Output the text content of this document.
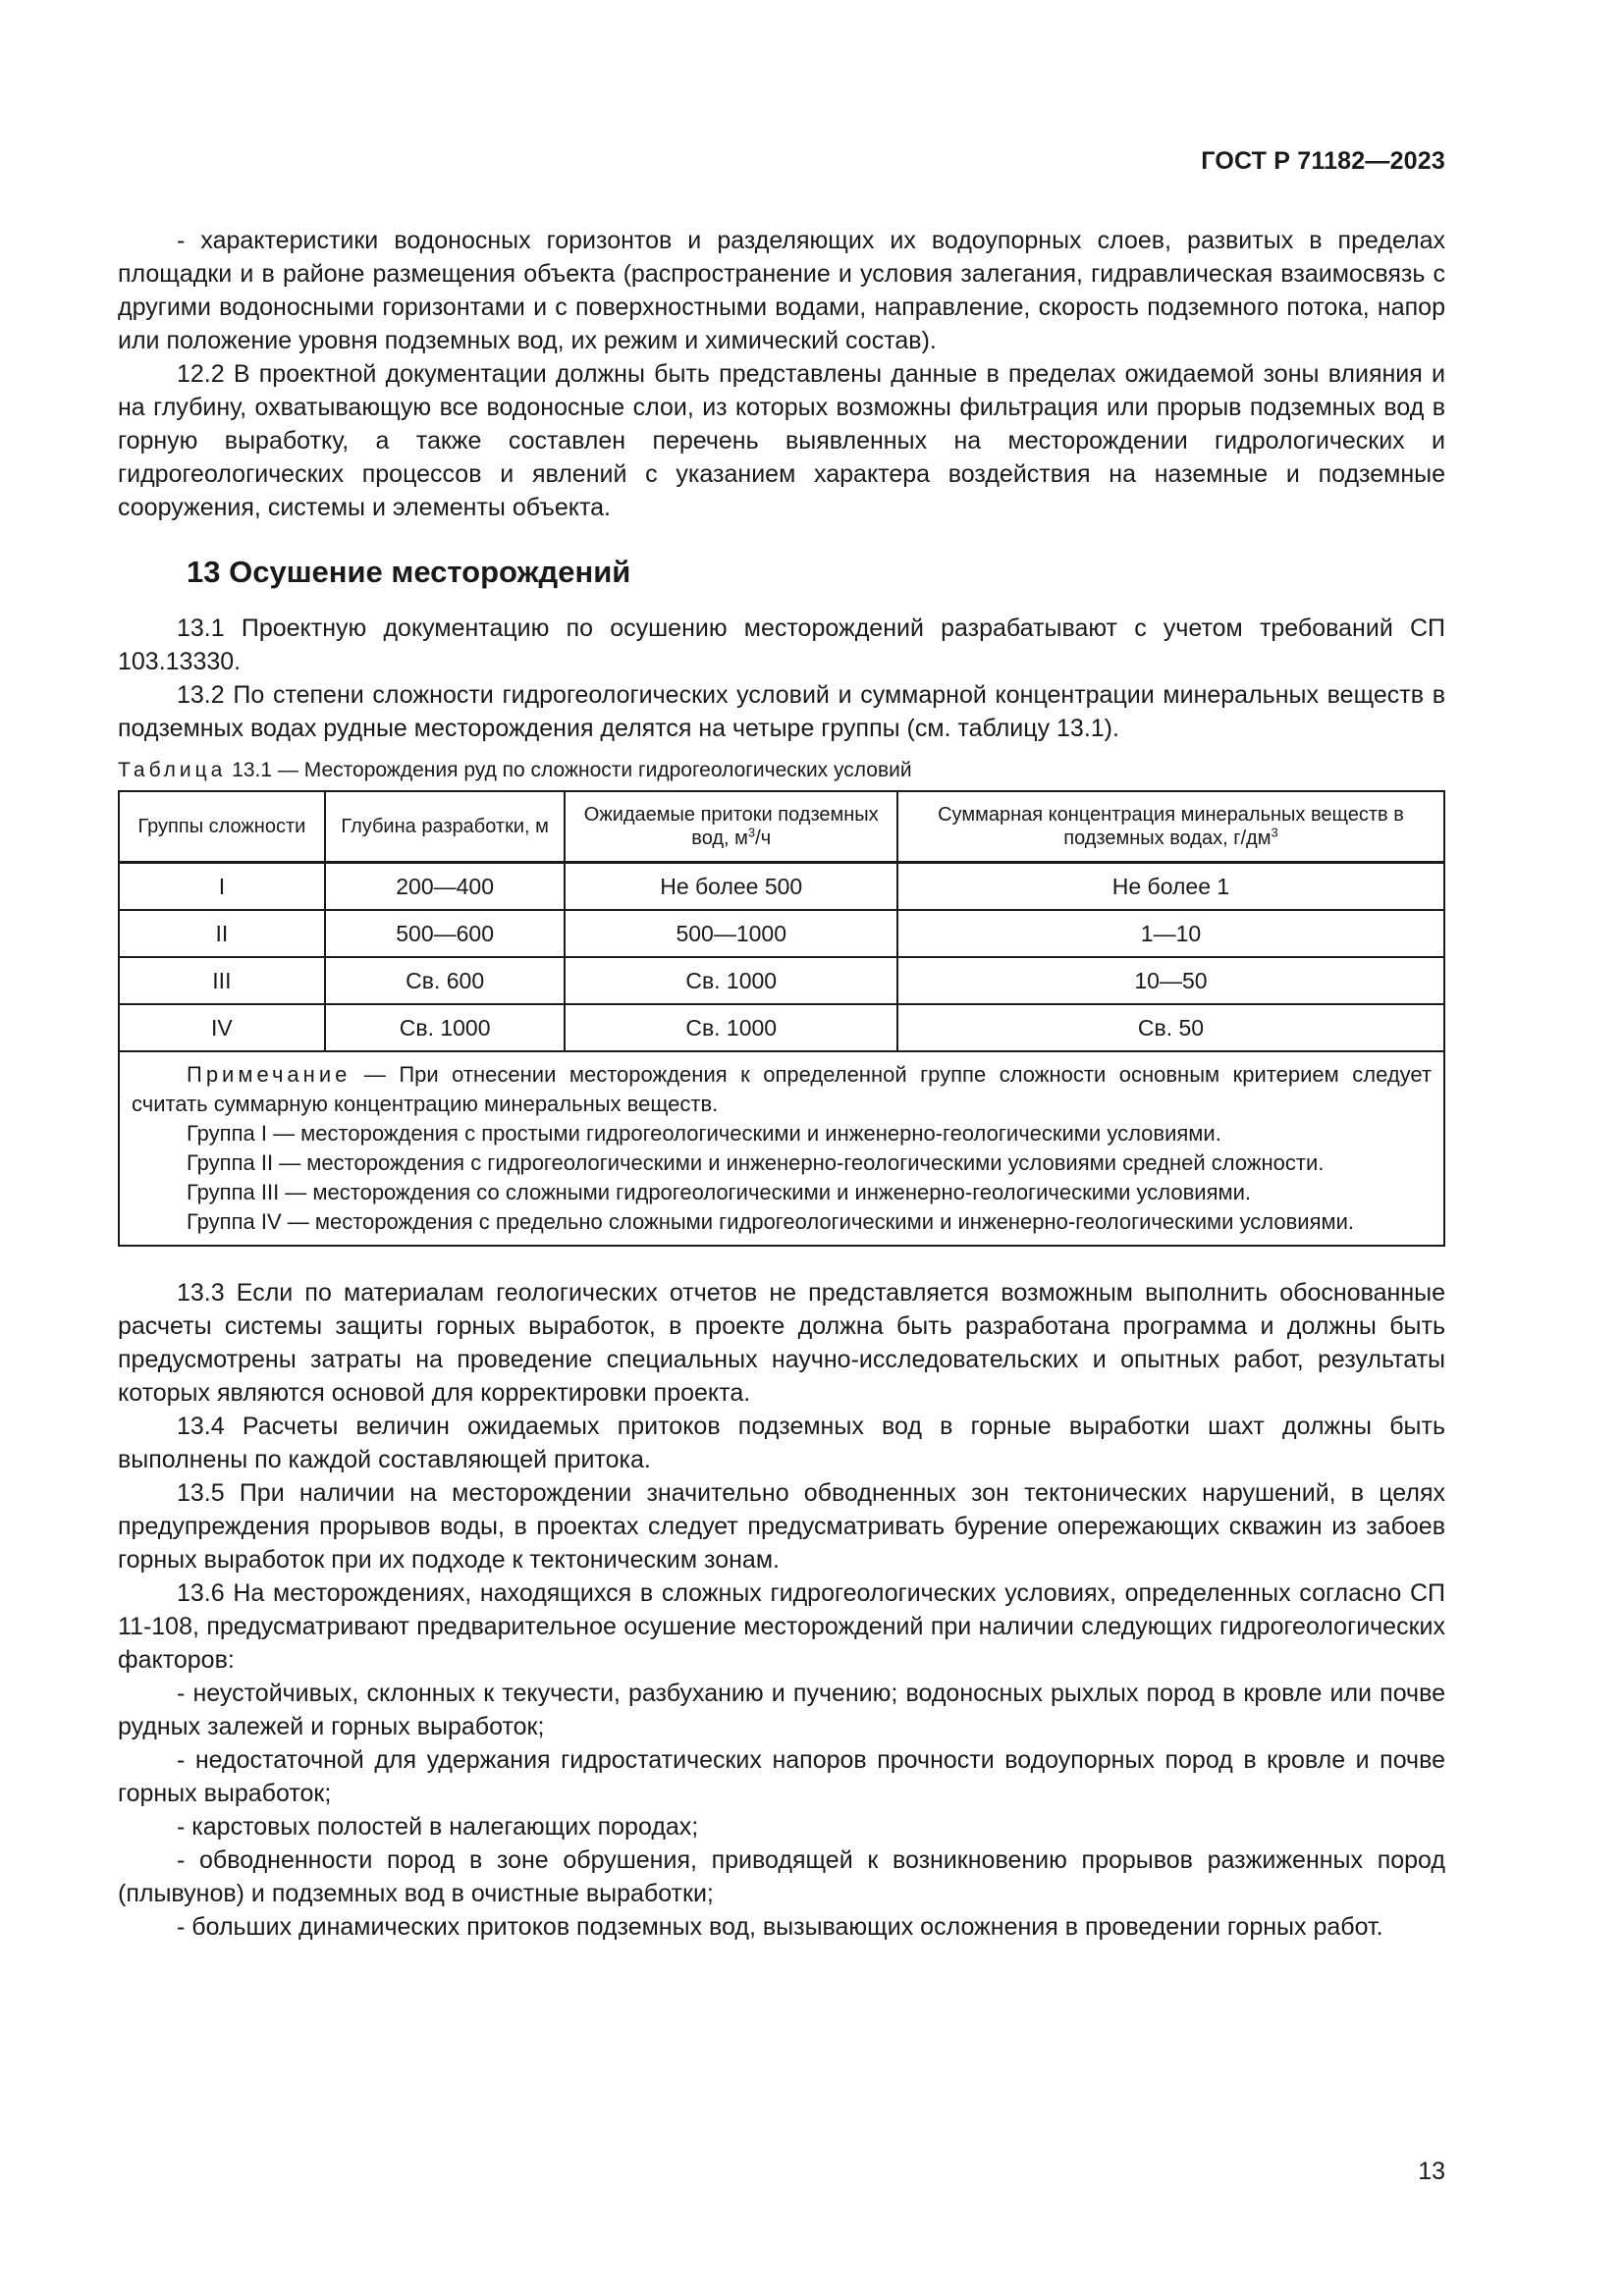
ГОСТ Р 71182—2023

- характеристики водоносных горизонтов и разделяющих их водоупорных слоев, развитых в пределах площадки и в районе размещения объекта (распространение и условия залегания, гидравлическая взаимосвязь с другими водоносными горизонтами и с поверхностными водами, направление, скорость подземного потока, напор или положение уровня подземных вод, их режим и химический состав).

12.2 В проектной документации должны быть представлены данные в пределах ожидаемой зоны влияния и на глубину, охватывающую все водоносные слои, из которых возможны фильтрация или прорыв подземных вод в горную выработку, а также составлен перечень выявленных на месторождении гидрологических и гидрогеологических процессов и явлений с указанием характера воздействия на наземные и подземные сооружения, системы и элементы объекта.

13 Осушение месторождений

13.1 Проектную документацию по осушению месторождений разрабатывают с учетом требований СП 103.13330.

13.2 По степени сложности гидрогеологических условий и суммарной концентрации минеральных веществ в подземных водах рудные месторождения делятся на четыре группы (см. таблицу 13.1).

Таблица 13.1 — Месторождения руд по сложности гидрогеологических условий
Группы сложности	Глубина разработки, м	Ожидаемые притоки подземных вод, $м^3/ч$	Суммарная концентрация минеральных веществ в подземных водах, $г/дм^3$
I	200—400	Не более 500	Не более 1
II	500—600	500—1000	1—10
III	Св. 600	Св. 1000	10—50
IV	Св. 1000	Св. 1000	Св. 50

Примечание — При отнесении месторождения к определенной группе сложности основным критерием следует считать суммарную концентрацию минеральных веществ.

Группа I — месторождения с простыми гидрогеологическими и инженерно-геологическими условиями.

Группа II — месторождения с гидрогеологическими и инженерно-геологическими условиями средней сложности.

Группа III — месторождения со сложными гидрогеологическими и инженерно-геологическими условиями.

Группа IV — месторождения с предельно сложными гидрогеологическими и инженерно-геологическими условиями.			

13.3 Если по материалам геологических отчетов не представляется возможным выполнить обоснованные расчеты системы защиты горных выработок, в проекте должна быть разработана программа и должны быть предусмотрены затраты на проведение специальных научно-исследовательских и опытных работ, результаты которых являются основой для корректировки проекта.

13.4 Расчеты величин ожидаемых притоков подземных вод в горные выработки шахт должны быть выполнены по каждой составляющей притока.

13.5 При наличии на месторождении значительно обводненных зон тектонических нарушений, в целях предупреждения прорывов воды, в проектах следует предусматривать бурение опережающих скважин из забоев горных выработок при их подходе к тектоническим зонам.

13.6 На месторождениях, находящихся в сложных гидрогеологических условиях, определенных согласно СП 11-108, предусматривают предварительное осушение месторождений при наличии следующих гидрогеологических факторов:

- неустойчивых, склонных к текучести, разбуханию и пучению; водоносных рыхлых пород в кровле или почве рудных залежей и горных выработок;

- недостаточной для удержания гидростатических напоров прочности водоупорных пород в кровле и почве горных выработок;

- карстовых полостей в налегающих породах;

- обводненности пород в зоне обрушения, приводящей к возникновению прорывов разжиженных пород (плывунов) и подземных вод в очистные выработки;

- больших динамических притоков подземных вод, вызывающих осложнения в проведении горных работ.

13
